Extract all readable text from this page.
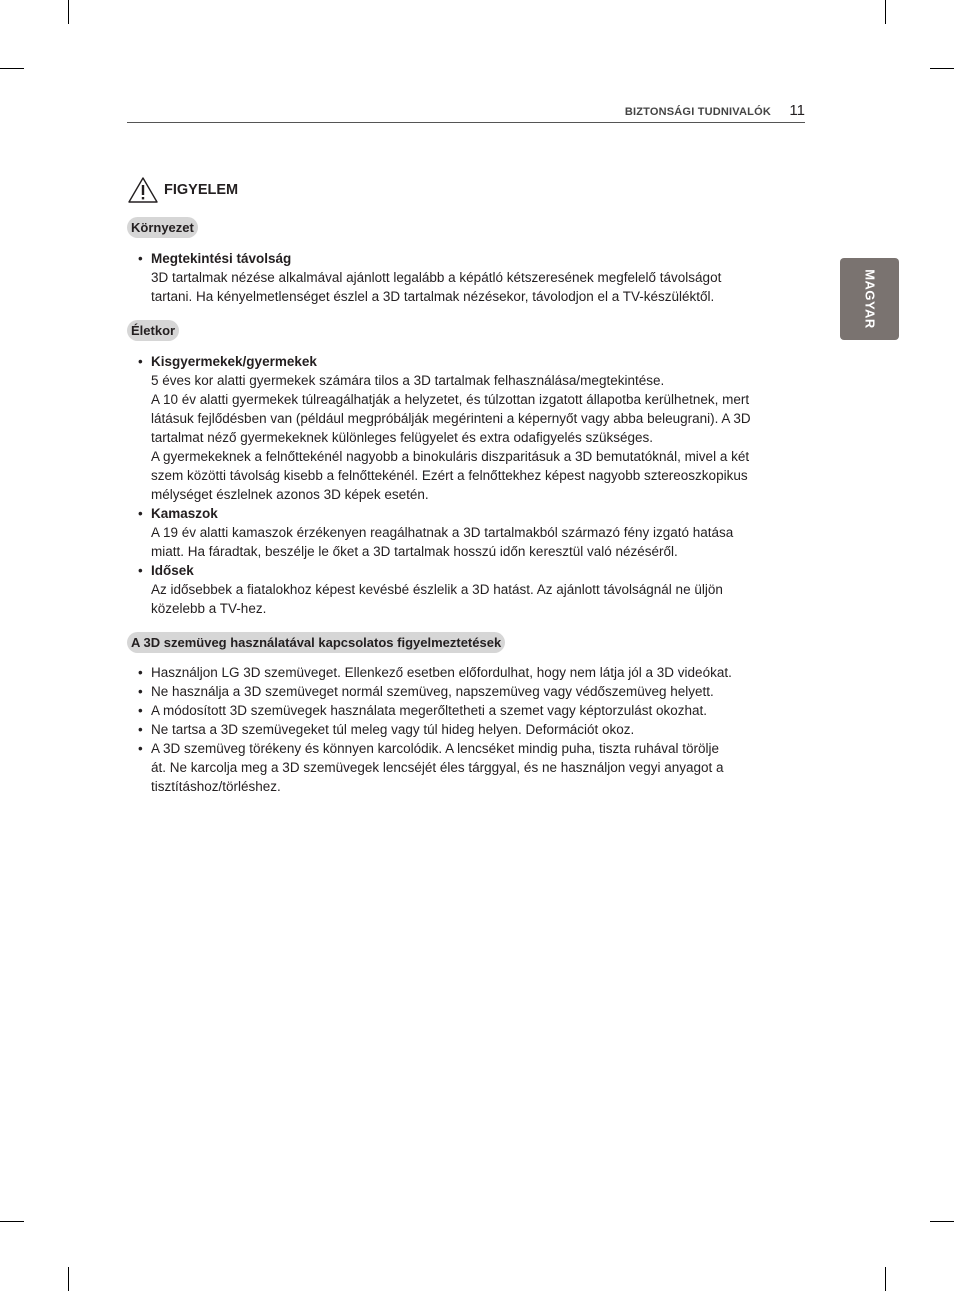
BIZTONSÁGI TUDNIVALÓK 11
MAGYAR
FIGYELEM
Környezet
• Megtekintési távolság

3D tartalmak nézése alkalmával ajánlott legalább a képátló kétszeresének megfelelő távolságot

tartani. Ha kényelmetlenséget észlel a 3D tartalmak nézésekor, távolodjon el a TV-készüléktől.

Életkor
• Kisgyermekek/gyermekek

5 éves kor alatti gyermekek számára tilos a 3D tartalmak felhasználása/megtekintése.

A 10 év alatti gyermekek túlreagálhatják a helyzetet, és túlzottan izgatott állapotba kerülhetnek, mert

látásuk fejlődésben van (például megpróbálják megérinteni a képernyőt vagy abba beleugrani). A 3D

tartalmat néző gyermekeknek különleges felügyelet és extra odafigyelés szükséges.

A gyermekeknek a felnőttekénél nagyobb a binokuláris diszparitásuk a 3D bemutatóknál, mivel a két

szem közötti távolság kisebb a felnőttekénél. Ezért a felnőttekhez képest nagyobb sztereoszkopikus

mélységet észlelnek azonos 3D képek esetén.

• Kamaszok

A 19 év alatti kamaszok érzékenyen reagálhatnak a 3D tartalmakból származó fény izgató hatása

miatt. Ha fáradtak, beszélje le őket a 3D tartalmak hosszú időn keresztül való nézéséről.

• Idősek

Az idősebbek a fiatalokhoz képest kevésbé észlelik a 3D hatást. Az ajánlott távolságnál ne üljön

közelebb a TV-hez.

A 3D szemüveg használatával kapcsolatos figyelmeztetések
• Használjon LG 3D szemüveget. Ellenkező esetben előfordulhat, hogy nem látja jól a 3D videókat.

• Ne használja a 3D szemüveget normál szemüveg, napszemüveg vagy védőszemüveg helyett.

• A módosított 3D szemüvegek használata megerőltetheti a szemet vagy képtorzulást okozhat.

• Ne tartsa a 3D szemüvegeket túl meleg vagy túl hideg helyen. Deformációt okoz.

• A 3D szemüveg törékeny és könnyen karcolódik. A lencséket mindig puha, tiszta ruhával törölje

át. Ne karcolja meg a 3D szemüvegek lencséjét éles tárggyal, és ne használjon vegyi anyagot a

tisztításhoz/törléshez.
